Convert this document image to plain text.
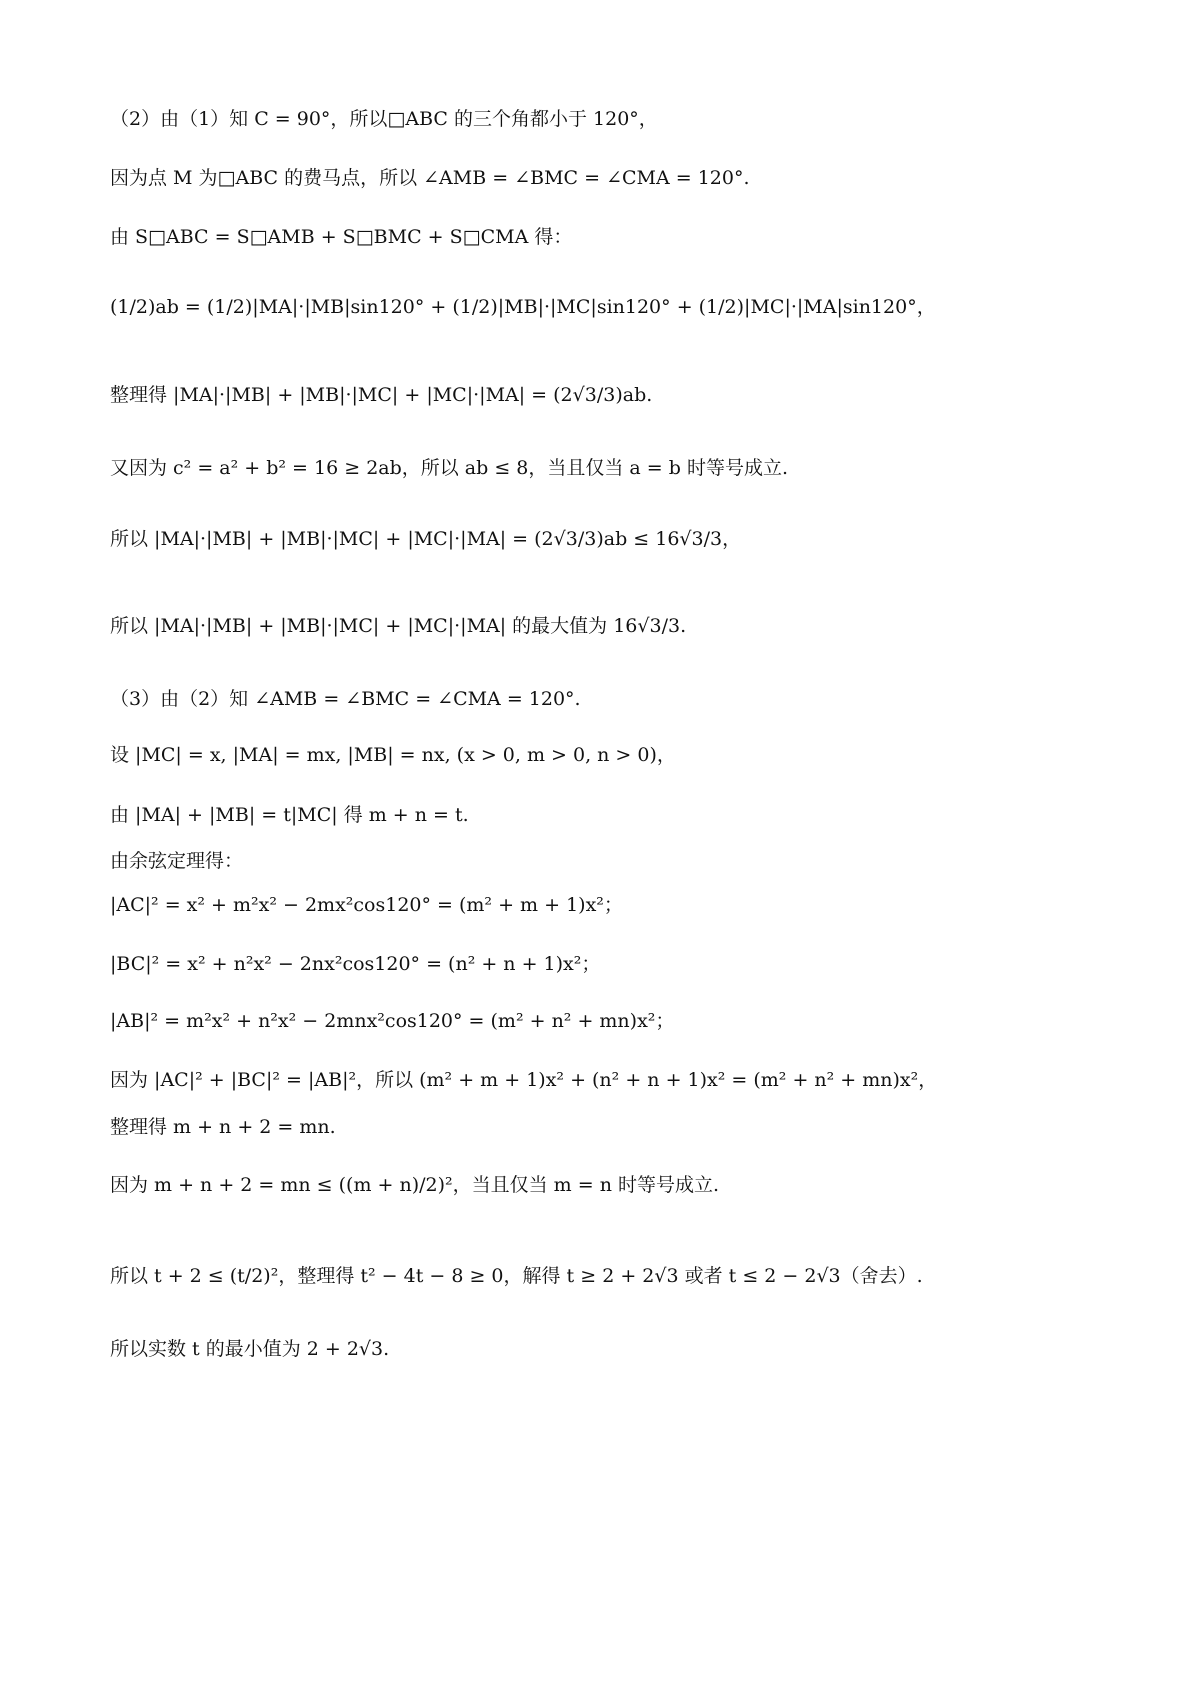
（2）由（1）知 C = 90°，所以□ABC 的三个角都小于 120°，
因为点 M 为□ABC 的费马点，所以 ∠AMB = ∠BMC = ∠CMA = 120°.
由 S□ABC = S□AMB + S□BMC + S□CMA 得：
(1/2)ab = (1/2)|MA|·|MB|sin120° + (1/2)|MB|·|MC|sin120° + (1/2)|MC|·|MA|sin120°，
整理得 |MA|·|MB| + |MB|·|MC| + |MC|·|MA| = (2√3/3)ab.
又因为 c² = a² + b² = 16 ≥ 2ab，所以 ab ≤ 8，当且仅当 a = b 时等号成立.
所以 |MA|·|MB| + |MB|·|MC| + |MC|·|MA| = (2√3/3)ab ≤ 16√3/3，
所以 |MA|·|MB| + |MB|·|MC| + |MC|·|MA| 的最大值为 16√3/3.
（3）由（2）知 ∠AMB = ∠BMC = ∠CMA = 120°.
设 |MC| = x, |MA| = mx, |MB| = nx, (x > 0, m > 0, n > 0)，
由 |MA| + |MB| = t|MC| 得 m + n = t.
由余弦定理得：
|AC|² = x² + m²x² − 2mx²cos120° = (m² + m + 1)x²；
|BC|² = x² + n²x² − 2nx²cos120° = (n² + n + 1)x²；
|AB|² = m²x² + n²x² − 2mnx²cos120° = (m² + n² + mn)x²；
因为 |AC|² + |BC|² = |AB|²，所以 (m² + m + 1)x² + (n² + n + 1)x² = (m² + n² + mn)x²，
整理得 m + n + 2 = mn.
因为 m + n + 2 = mn ≤ ((m + n)/2)²，当且仅当 m = n 时等号成立.
所以 t + 2 ≤ (t/2)²，整理得 t² − 4t − 8 ≥ 0，解得 t ≥ 2 + 2√3 或者 t ≤ 2 − 2√3（舍去）.
所以实数 t 的最小值为 2 + 2√3.
